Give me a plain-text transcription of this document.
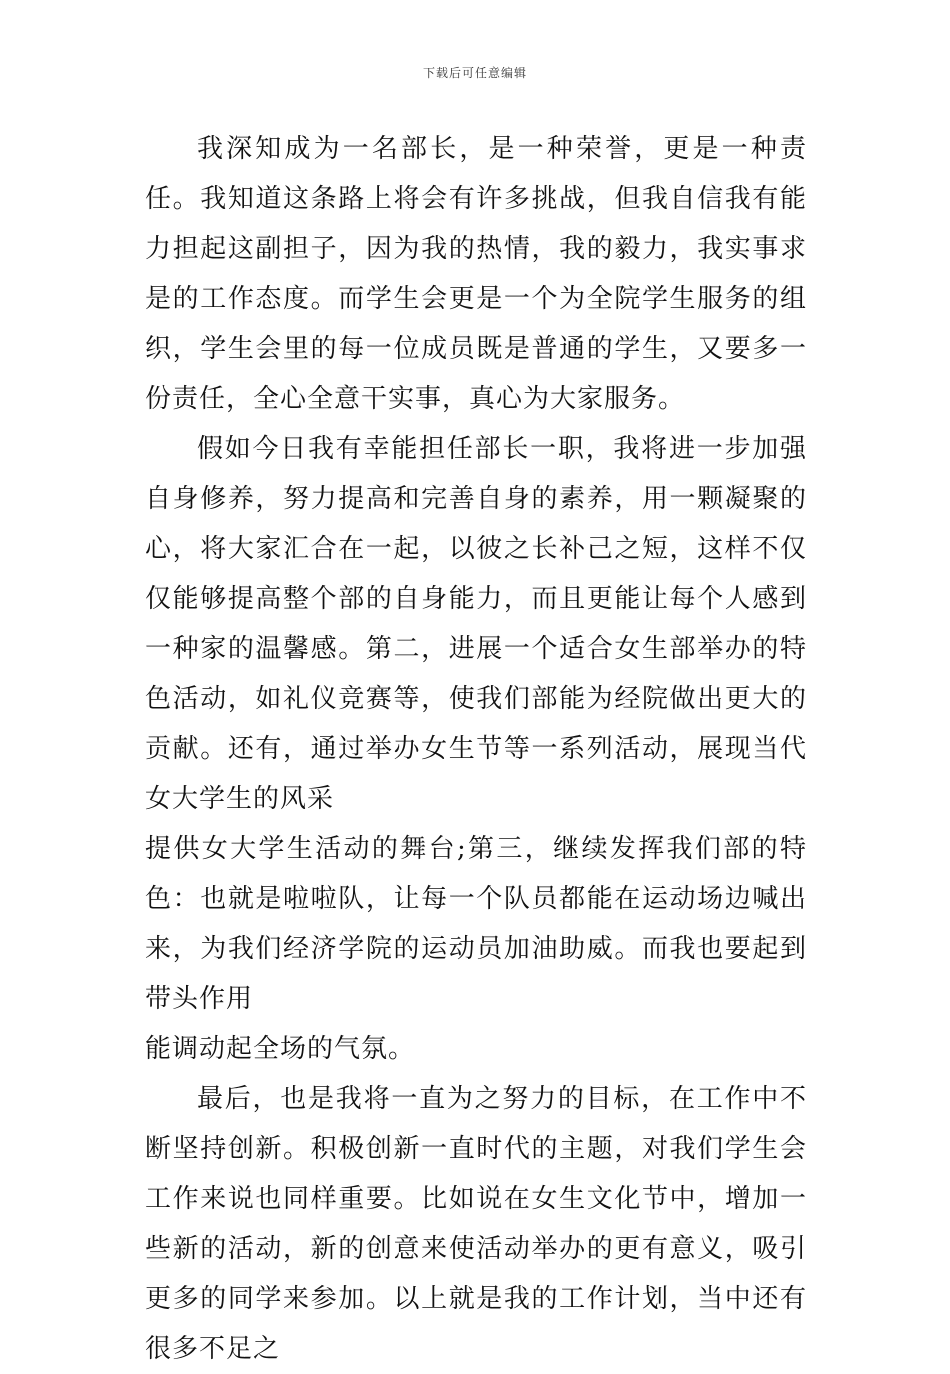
下载后可任意编辑

我深知成为一名部长，是一种荣誉，更是一种责任。我知道这条路上将会有许多挑战，但我自信我有能力担起这副担子，因为我的热情，我的毅力，我实事求是的工作态度。而学生会更是一个为全院学生服务的组织，学生会里的每一位成员既是普通的学生，又要多一份责任，全心全意干实事，真心为大家服务。

假如今日我有幸能担任部长一职，我将进一步加强自身修养，努力提高和完善自身的素养，用一颗凝聚的心，将大家汇合在一起，以彼之长补己之短，这样不仅仅能够提高整个部的自身能力，而且更能让每个人感到一种家的温馨感。第二，进展一个适合女生部举办的特色活动，如礼仪竞赛等，使我们部能为经院做出更大的贡献。还有，通过举办女生节等一系列活动，展现当代女大学生的风采
提供女大学生活动的舞台;第三，继续发挥我们部的特色：也就是啦啦队，让每一个队员都能在运动场边喊出来，为我们经济学院的运动员加油助威。而我也要起到带头作用
能调动起全场的气氛。

最后，也是我将一直为之努力的目标，在工作中不断坚持创新。积极创新一直时代的主题，对我们学生会工作来说也同样重要。比如说在女生文化节中，增加一些新的活动，新的创意来使活动举办的更有意义，吸引更多的同学来参加。以上就是我的工作计划，当中还有很多不足之
